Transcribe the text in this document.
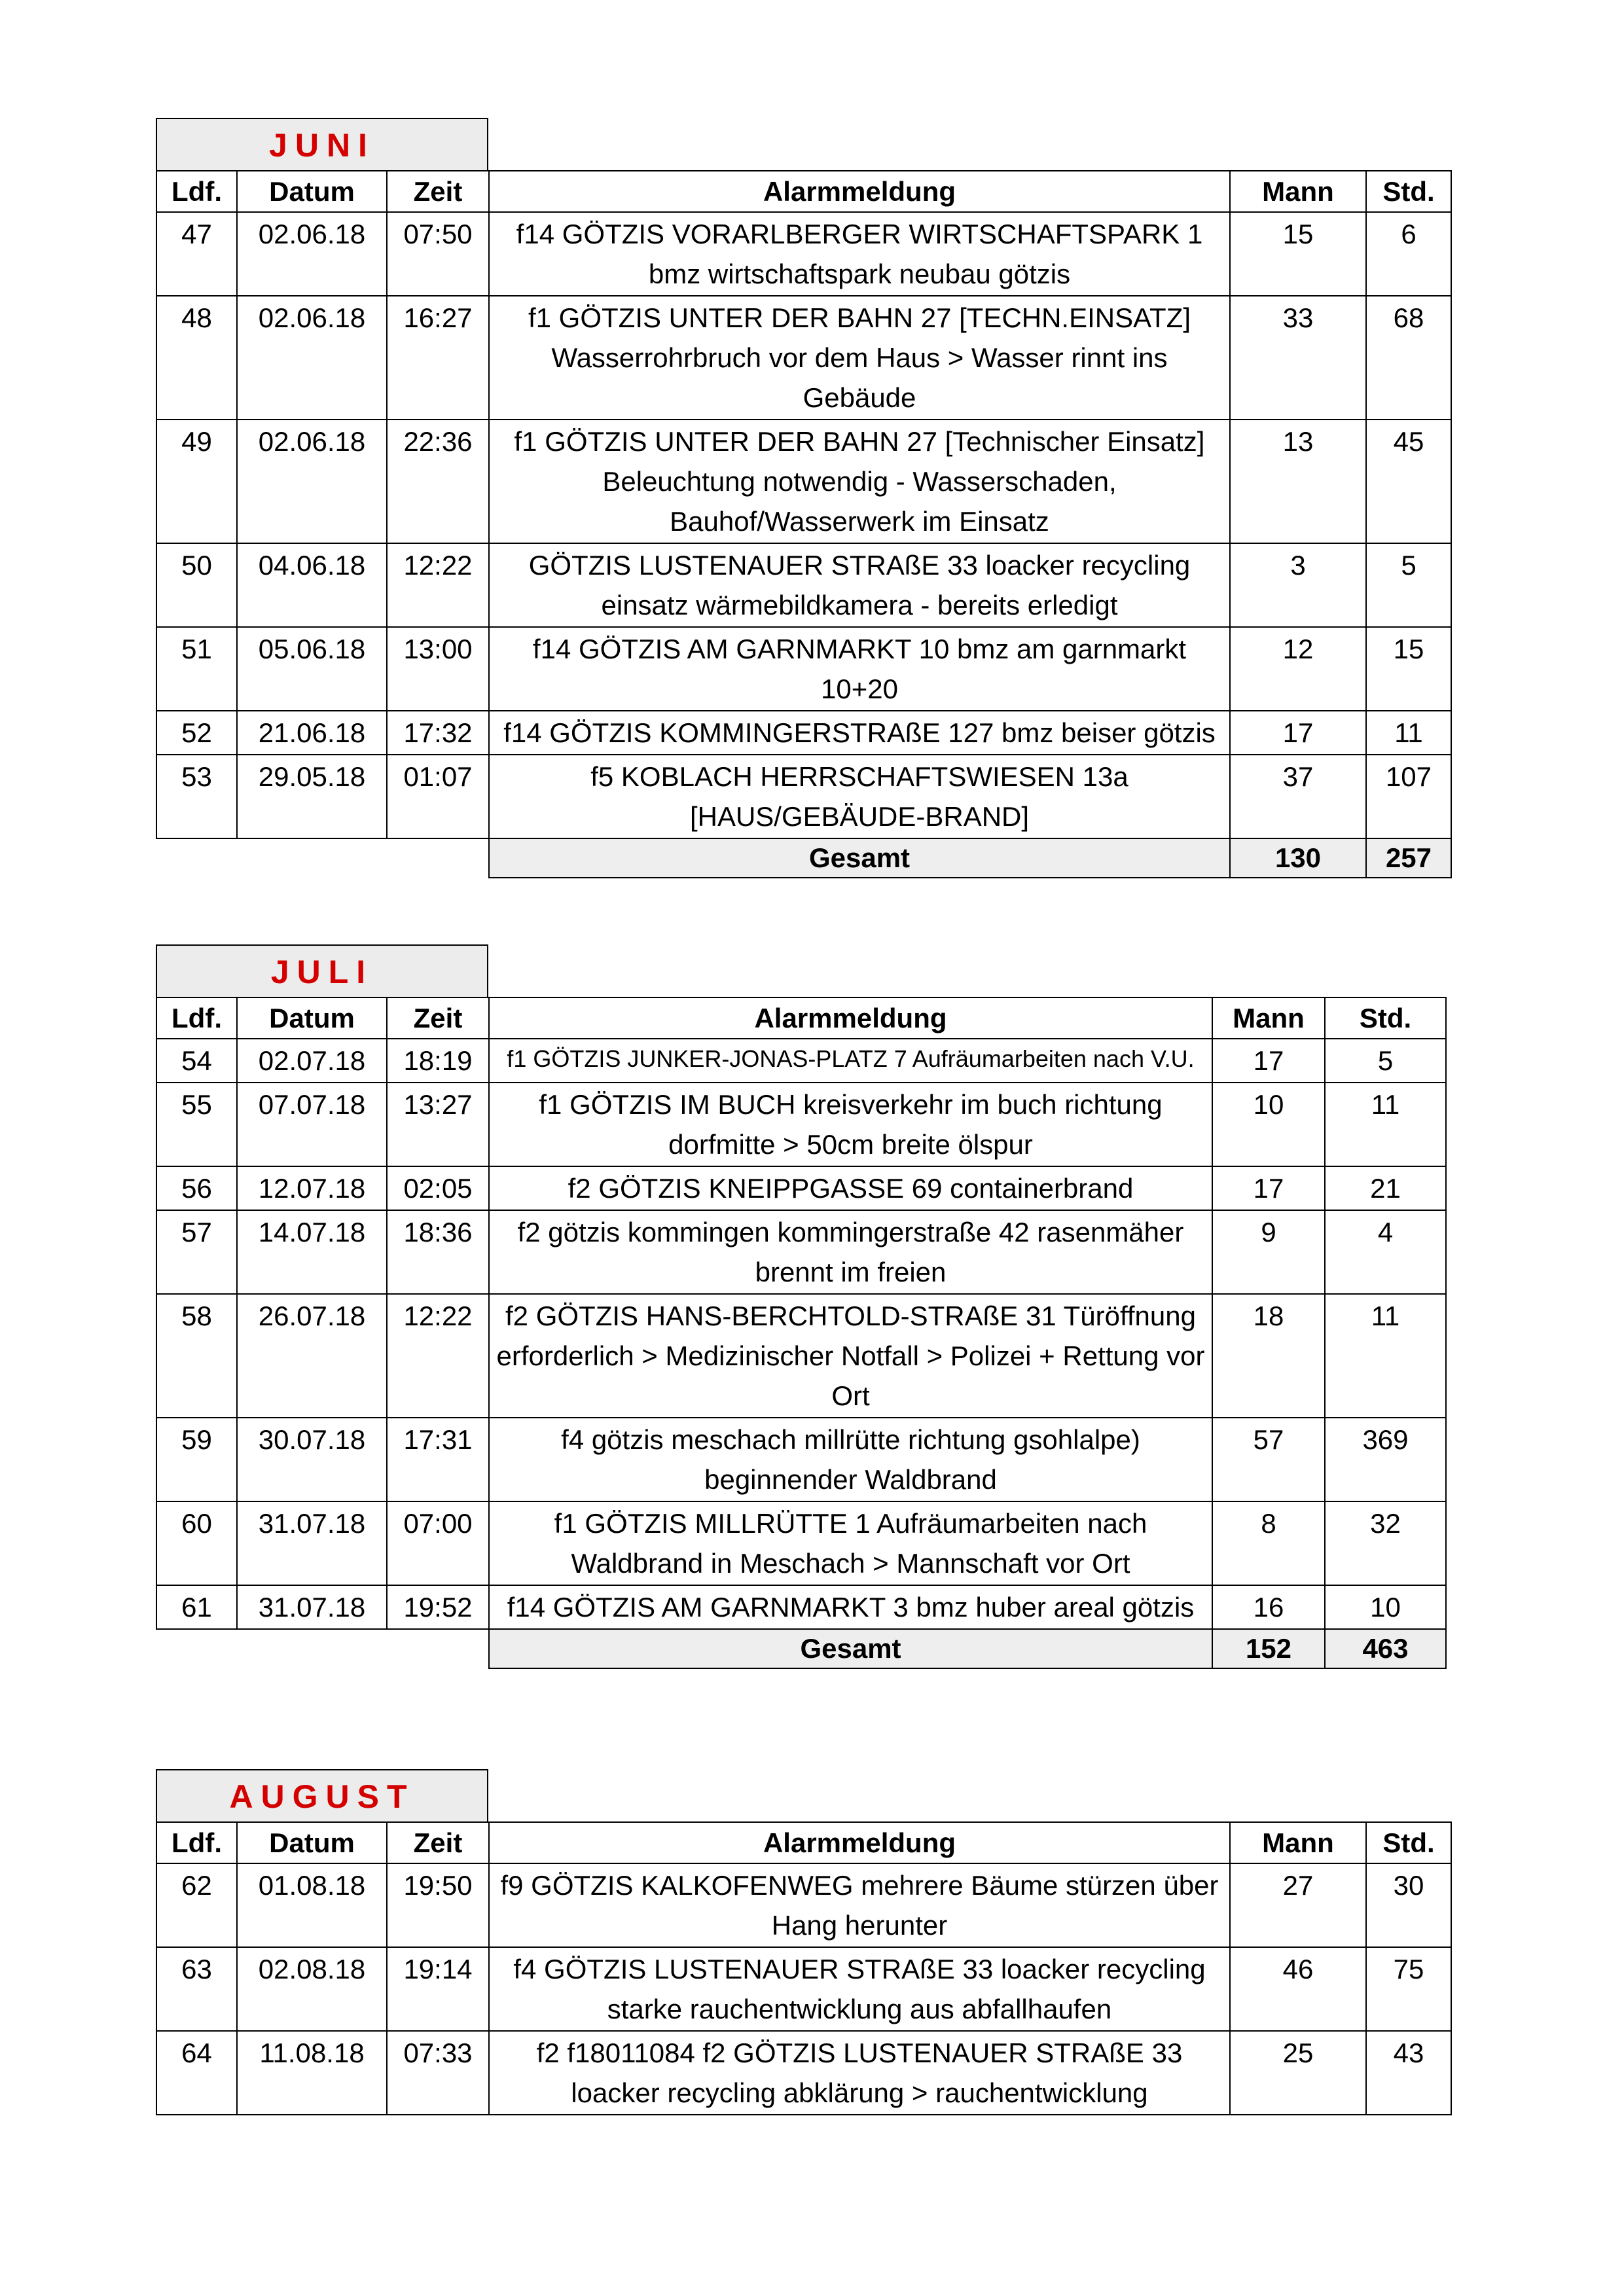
JUNI
Ldf.	Datum	Zeit	Alarmmeldung	Mann	Std.
47	02.06.18	07:50	f14 GÖTZIS VORARLBERGER WIRTSCHAFTSPARK 1 bmz wirtschaftspark neubau götzis	15	6
48	02.06.18	16:27	f1 GÖTZIS UNTER DER BAHN 27 [TECHN.EINSATZ] Wasserrohrbruch vor dem Haus > Wasser rinnt ins Gebäude	33	68
49	02.06.18	22:36	f1 GÖTZIS UNTER DER BAHN 27 [Technischer Einsatz] Beleuchtung notwendig - Wasserschaden, Bauhof/Wasserwerk im Einsatz	13	45
50	04.06.18	12:22	GÖTZIS LUSTENAUER STRAßE 33 loacker recycling einsatz wärmebildkamera - bereits erledigt	3	5
51	05.06.18	13:00	f14 GÖTZIS AM GARNMARKT 10 bmz am garnmarkt 10+20	12	15
52	21.06.18	17:32	f14 GÖTZIS KOMMINGERSTRAßE 127 bmz beiser götzis	17	11
53	29.05.18	01:07	f5 KOBLACH HERRSCHAFTSWIESEN 13a [HAUS/GEBÄUDE-BRAND]	37	107
			Gesamt	130	257
JULI
Ldf.	Datum	Zeit	Alarmmeldung	Mann	Std.
54	02.07.18	18:19	f1 GÖTZIS JUNKER-JONAS-PLATZ 7 Aufräumarbeiten nach V.U.	17	5
55	07.07.18	13:27	f1 GÖTZIS IM BUCH kreisverkehr im buch richtung dorfmitte > 50cm breite ölspur	10	11
56	12.07.18	02:05	f2 GÖTZIS KNEIPPGASSE 69 containerbrand	17	21
57	14.07.18	18:36	f2 götzis kommingen kommingerstraße 42 rasenmäher brennt im freien	9	4
58	26.07.18	12:22	f2 GÖTZIS HANS-BERCHTOLD-STRAßE 31 Türöffnung erforderlich > Medizinischer Notfall > Polizei + Rettung vor Ort	18	11
59	30.07.18	17:31	f4 götzis meschach millrütte richtung gsohlalpe) beginnender Waldbrand	57	369
60	31.07.18	07:00	f1 GÖTZIS MILLRÜTTE 1 Aufräumarbeiten nach Waldbrand in Meschach > Mannschaft vor Ort	8	32
61	31.07.18	19:52	f14 GÖTZIS AM GARNMARKT 3 bmz huber areal götzis	16	10
			Gesamt	152	463
AUGUST
Ldf.	Datum	Zeit	Alarmmeldung	Mann	Std.
62	01.08.18	19:50	f9 GÖTZIS KALKOFENWEG mehrere Bäume stürzen über Hang herunter	27	30
63	02.08.18	19:14	f4 GÖTZIS LUSTENAUER STRAßE 33 loacker recycling starke rauchentwicklung aus abfallhaufen	46	75
64	11.08.18	07:33	f2 f18011084 f2 GÖTZIS LUSTENAUER STRAßE 33 loacker recycling abklärung > rauchentwicklung	25	43
